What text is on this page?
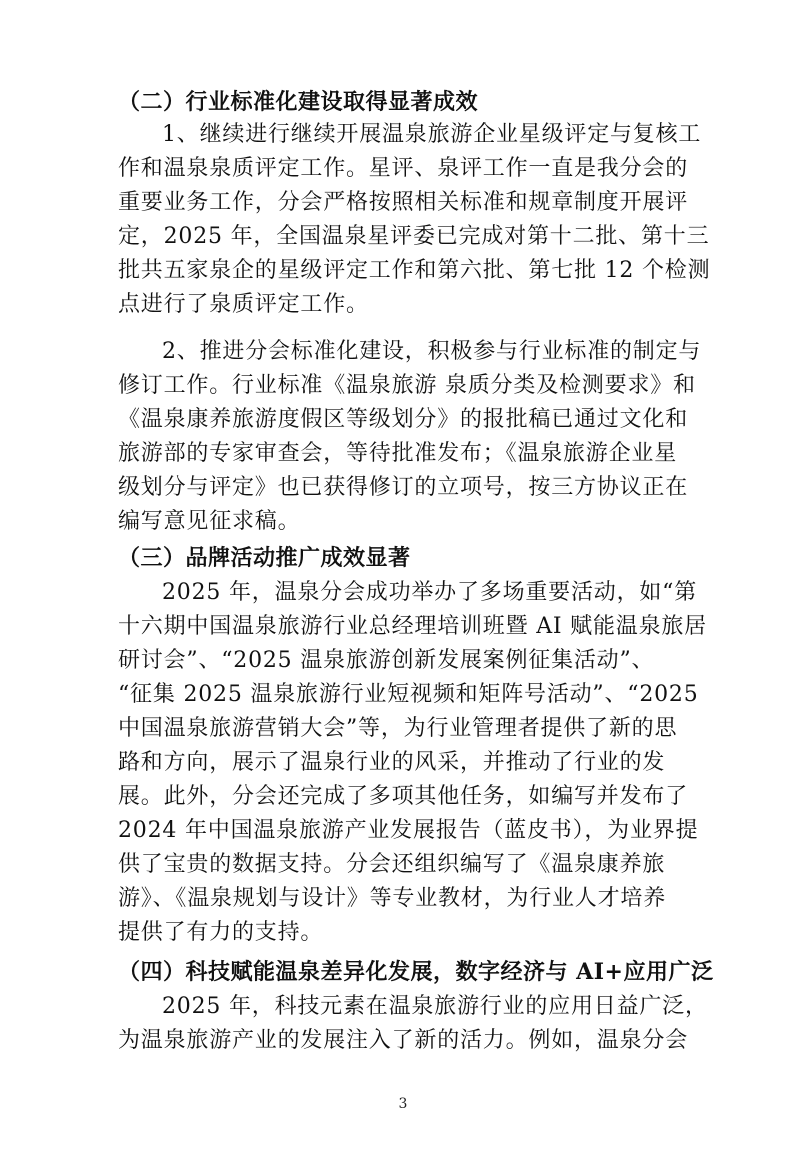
（二）行业标准化建设取得显著成效
1、继续进行继续开展温泉旅游企业星级评定与复核工
作和温泉泉质评定工作。星评、泉评工作一直是我分会的
重要业务工作，分会严格按照相关标准和规章制度开展评
定，2025 年，全国温泉星评委已完成对第十二批、第十三
批共五家泉企的星级评定工作和第六批、第七批 12 个检测
点进行了泉质评定工作。
2、推进分会标准化建设，积极参与行业标准的制定与
修订工作。行业标准《温泉旅游 泉质分类及检测要求》和
《温泉康养旅游度假区等级划分》的报批稿已通过文化和
旅游部的专家审查会，等待批准发布；《温泉旅游企业星
级划分与评定》也已获得修订的立项号，按三方协议正在
编写意见征求稿。
（三）品牌活动推广成效显著
2025 年，温泉分会成功举办了多场重要活动，如“第
十六期中国温泉旅游行业总经理培训班暨 AI 赋能温泉旅居
研讨会”、“2025 温泉旅游创新发展案例征集活动”、
“征集 2025 温泉旅游行业短视频和矩阵号活动”、“2025
中国温泉旅游营销大会”等，为行业管理者提供了新的思
路和方向，展示了温泉行业的风采，并推动了行业的发
展。此外，分会还完成了多项其他任务，如编写并发布了
2024 年中国温泉旅游产业发展报告（蓝皮书），为业界提
供了宝贵的数据支持。分会还组织编写了《温泉康养旅
游》、《温泉规划与设计》等专业教材，为行业人才培养
提供了有力的支持。
（四）科技赋能温泉差异化发展，数字经济与 AI+应用广泛
2025 年，科技元素在温泉旅游行业的应用日益广泛，
为温泉旅游产业的发展注入了新的活力。例如，温泉分会
3
